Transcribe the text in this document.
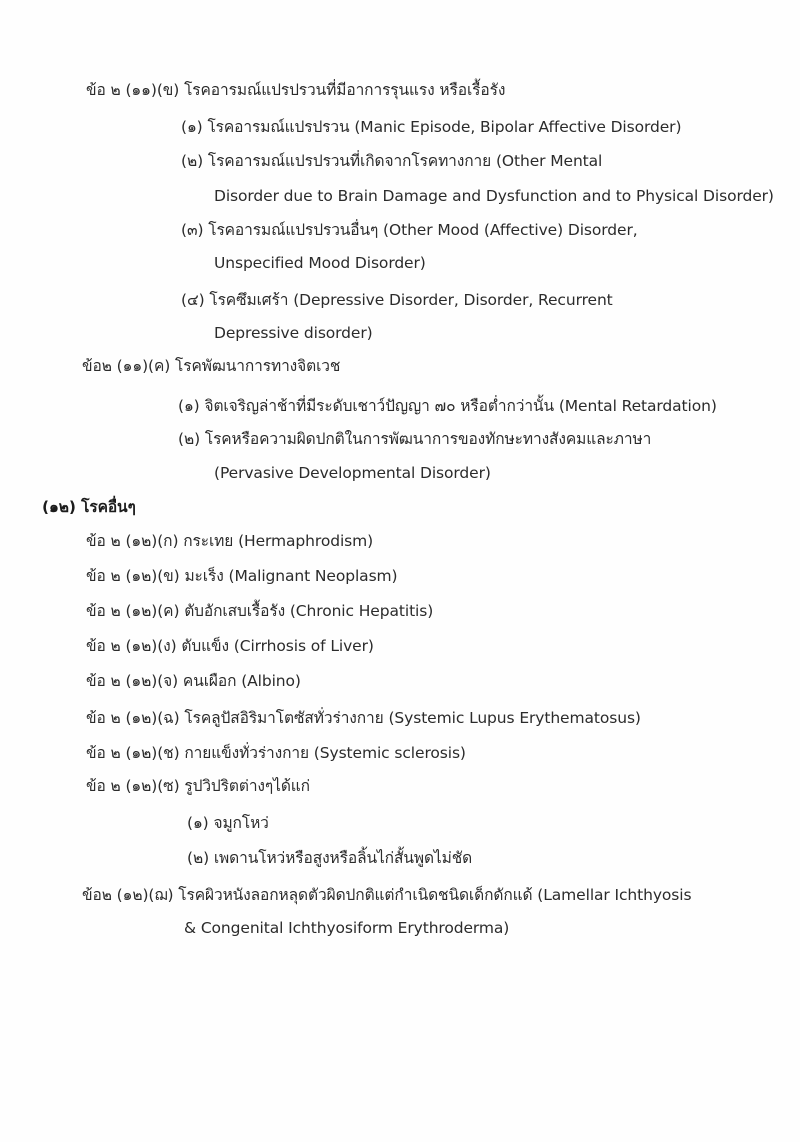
ข้อ ๒ (๑๑)(ข) โรคอารมณ์แปรปรวนที่มีอาการรุนแรง หรือเรื้อรัง
(๑) โรคอารมณ์แปรปรวน (Manic Episode, Bipolar Affective Disorder)
(๒) โรคอารมณ์แปรปรวนที่เกิดจากโรคทางกาย (Other Mental
Disorder due to Brain Damage and Dysfunction and to Physical Disorder)
(๓) โรคอารมณ์แปรปรวนอื่นๆ (Other Mood (Affective) Disorder,
Unspecified Mood Disorder)
(๔) โรคซึมเศร้า (Depressive Disorder, Disorder, Recurrent
Depressive disorder)
ข้อ๒ (๑๑)(ค) โรคพัฒนาการทางจิตเวช
(๑) จิตเจริญล่าช้าที่มีระดับเชาว์ปัญญา ๗๐ หรือต่ำกว่านั้น (Mental Retardation)
(๒) โรคหรือความผิดปกติในการพัฒนาการของทักษะทางสังคมและภาษา
(Pervasive Developmental Disorder)
(๑๒) โรคอื่นๆ
ข้อ ๒ (๑๒)(ก) กระเทย (Hermaphrodism)
ข้อ ๒ (๑๒)(ข) มะเร็ง (Malignant Neoplasm)
ข้อ ๒ (๑๒)(ค) ตับอักเสบเรื้อรัง (Chronic Hepatitis)
ข้อ ๒ (๑๒)(ง) ตับแข็ง (Cirrhosis of Liver)
ข้อ ๒ (๑๒)(จ) คนเผือก (Albino)
ข้อ ๒ (๑๒)(ฉ) โรคลูปัสอิริมาโตซัสทั่วร่างกาย (Systemic Lupus Erythematosus)
ข้อ ๒ (๑๒)(ช) กายแข็งทั่วร่างกาย (Systemic sclerosis)
ข้อ ๒ (๑๒)(ซ) รูปวิปริตต่างๆได้แก่
(๑) จมูกโหว่
(๒) เพดานโหว่หรือสูงหรือลิ้นไก่สั้นพูดไม่ชัด
ข้อ๒ (๑๒)(ฌ) โรคผิวหนังลอกหลุดตัวผิดปกติแต่กำเนิดชนิดเด็กดักแด้ (Lamellar Ichthyosis
& Congenital Ichthyosiform Erythroderma)
